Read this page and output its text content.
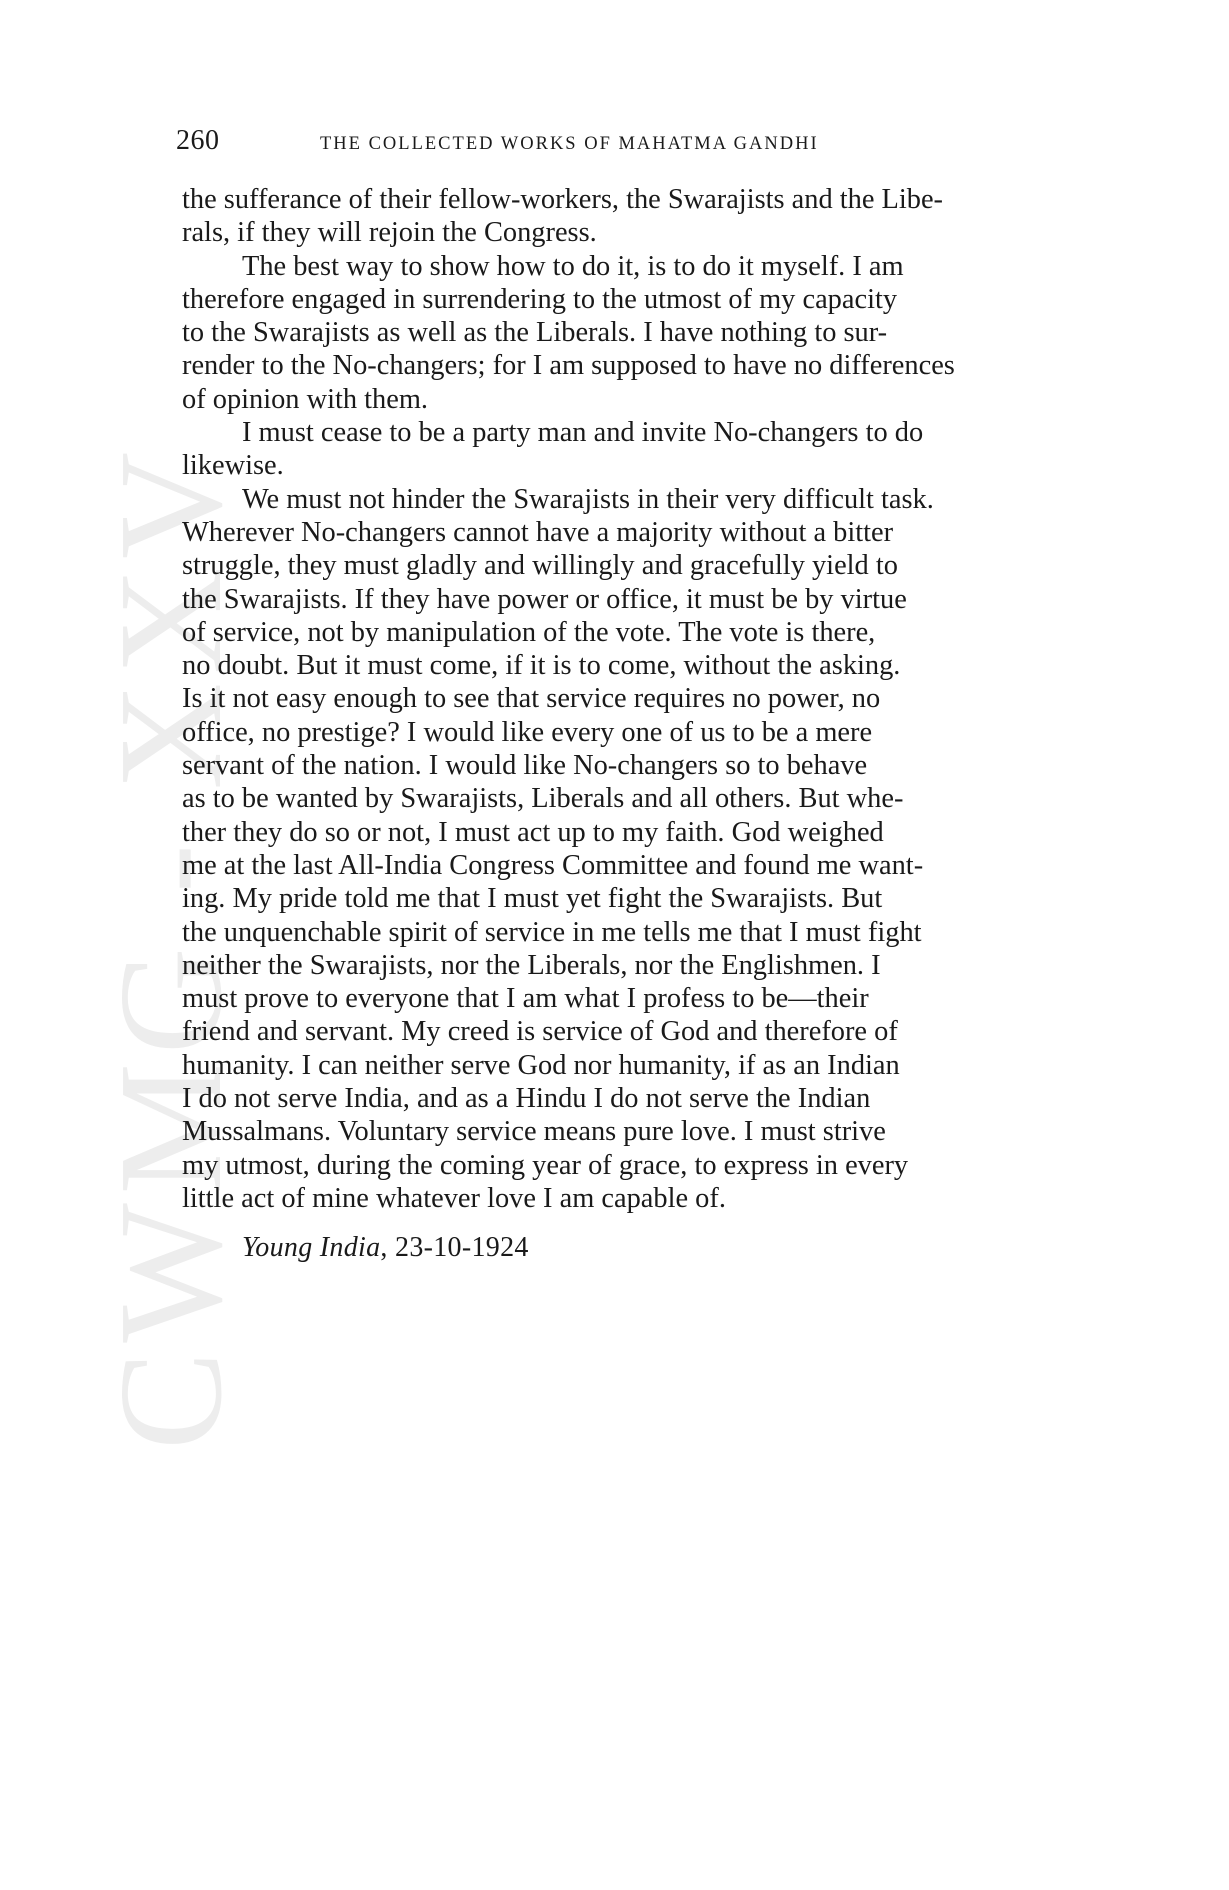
260	THE COLLECTED WORKS OF MAHATMA GANDHI
the sufferance of their fellow-workers, the Swarajists and the Libe-
rals, if they will rejoin the Congress.
The best way to show how to do it, is to do it myself. I am
therefore engaged in surrendering to the utmost of my capacity
to the Swarajists as well as the Liberals. I have nothing to sur-
render to the No-changers; for I am supposed to have no differences
of opinion with them.
I must cease to be a party man and invite No-changers to do
likewise.
We must not hinder the Swarajists in their very difficult task.
Wherever No-changers cannot have a majority without a bitter
struggle, they must gladly and willingly and gracefully yield to
the Swarajists. If they have power or office, it must be by virtue
of service, not by manipulation of the vote. The vote is there,
no doubt. But it must come, if it is to come, without the asking.
Is it not easy enough to see that service requires no power, no
office, no prestige? I would like every one of us to be a mere
servant of the nation. I would like No-changers so to behave
as to be wanted by Swarajists, Liberals and all others. But whe-
ther they do so or not, I must act up to my faith. God weighed
me at the last All-India Congress Committee and found me want-
ing. My pride told me that I must yet fight the Swarajists. But
the unquenchable spirit of service in me tells me that I must fight
neither the Swarajists, nor the Liberals, nor the Englishmen. I
must prove to everyone that I am what I profess to be—their
friend and servant. My creed is service of God and therefore of
humanity. I can neither serve God nor humanity, if as an Indian
I do not serve India, and as a Hindu I do not serve the Indian
Mussalmans. Voluntary service means pure love. I must strive
my utmost, during the coming year of grace, to express in every
little act of mine whatever love I am capable of.
Young India, 23-10-1924
